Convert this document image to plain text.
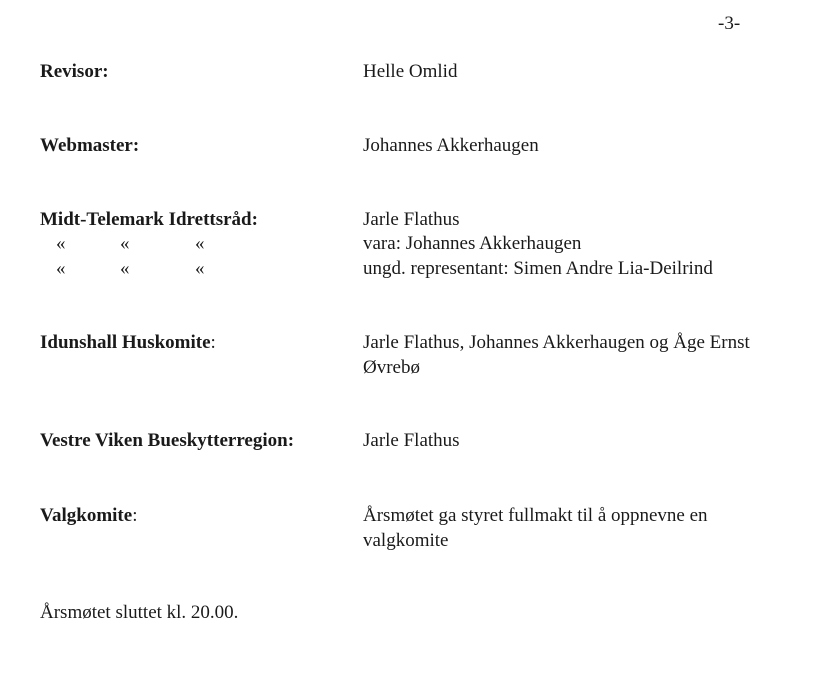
-3-
Revisor:	Helle Omlid
Webmaster:	Johannes Akkerhaugen
Midt-Telemark Idrettsråd:	Jarle Flathus
«	«	«	vara: Johannes Akkerhaugen
«	«	«	ungd. representant: Simen Andre Lia-Deilrind
Idunshall Huskomite:	Jarle Flathus, Johannes Akkerhaugen og Åge Ernst
Øvrebø
Vestre Viken Bueskytterregion:	Jarle Flathus
Valgkomite:	Årsmøtet ga styret fullmakt til å oppnevne en
valgkomite
Årsmøtet sluttet kl. 20.00.
